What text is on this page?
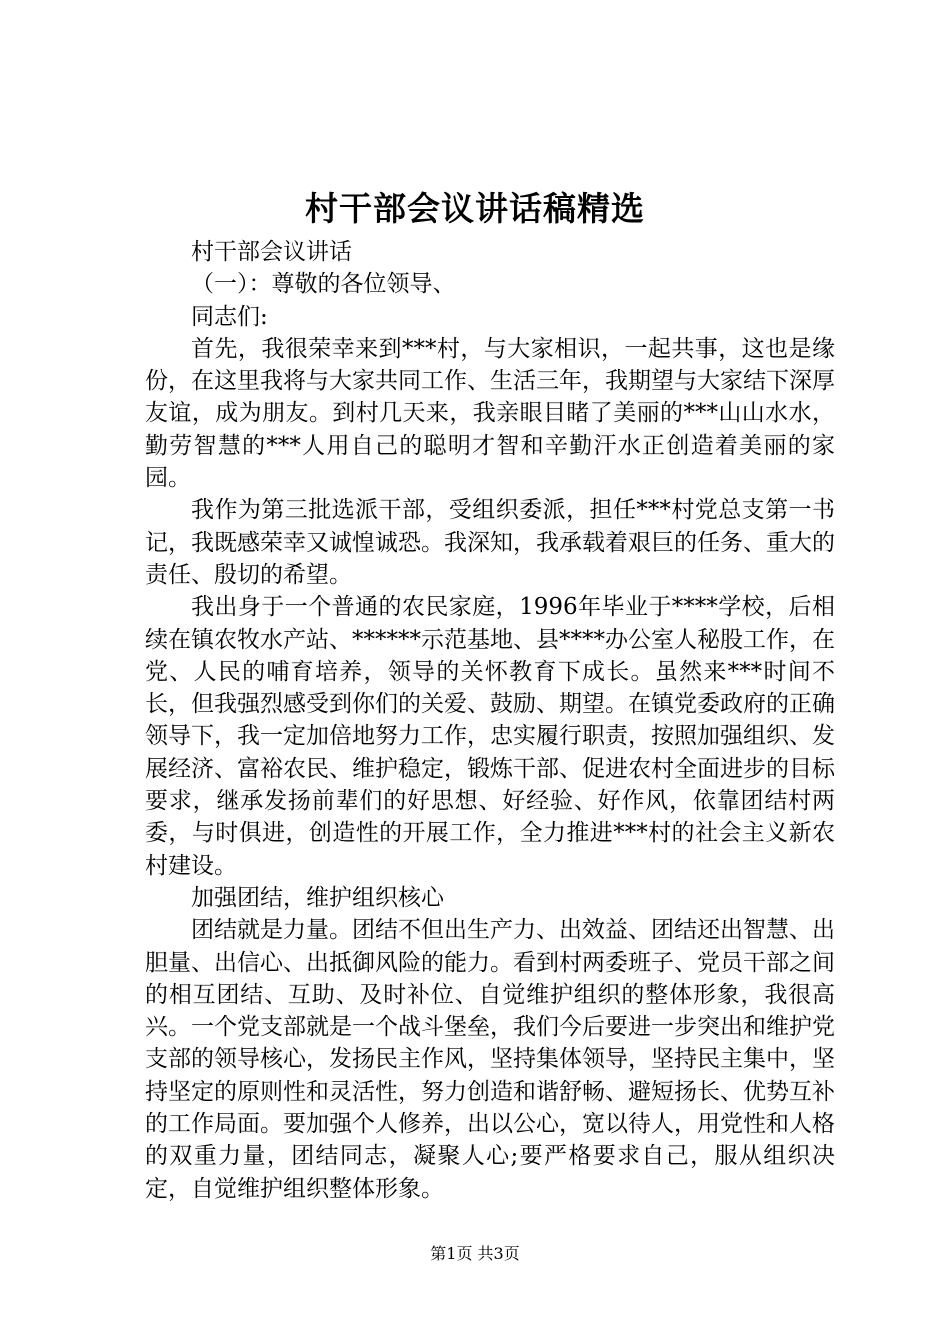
村干部会议讲话稿精选

村干部会议讲话

（一）：尊敬的各位领导、

同志们:

首先，我很荣幸来到***村，与大家相识，一起共事，这也是缘份，在这里我将与大家共同工作、生活三年，我期望与大家结下深厚友谊，成为朋友。到村几天来，我亲眼目睹了美丽的***山山水水，勤劳智慧的***人用自己的聪明才智和辛勤汗水正创造着美丽的家园。

我作为第三批选派干部，受组织委派，担任***村党总支第一书记，我既感荣幸又诚惶诚恐。我深知，我承载着艰巨的任务、重大的责任、殷切的希望。

我出身于一个普通的农民家庭，1996年毕业于****学校，后相续在镇农牧水产站、******示范基地、县****办公室人秘股工作，在党、人民的哺育培养，领导的关怀教育下成长。虽然来***时间不长，但我强烈感受到你们的关爱、鼓励、期望。在镇党委政府的正确领导下，我一定加倍地努力工作，忠实履行职责，按照加强组织、发展经济、富裕农民、维护稳定，锻炼干部、促进农村全面进步的目标要求，继承发扬前辈们的好思想、好经验、好作风，依靠团结村两委，与时俱进，创造性的开展工作，全力推进***村的社会主义新农村建设。

加强团结，维护组织核心

团结就是力量。团结不但出生产力、出效益、团结还出智慧、出胆量、出信心、出抵御风险的能力。看到村两委班子、党员干部之间的相互团结、互助、及时补位、自觉维护组织的整体形象，我很高兴。一个党支部就是一个战斗堡垒，我们今后要进一步突出和维护党支部的领导核心，发扬民主作风，坚持集体领导，坚持民主集中，坚持坚定的原则性和灵活性，努力创造和谐舒畅、避短扬长、优势互补的工作局面。要加强个人修养，出以公心，宽以待人，用党性和人格的双重力量，团结同志，凝聚人心;要严格要求自己，服从组织决定，自觉维护组织整体形象。

第1页 共3页
